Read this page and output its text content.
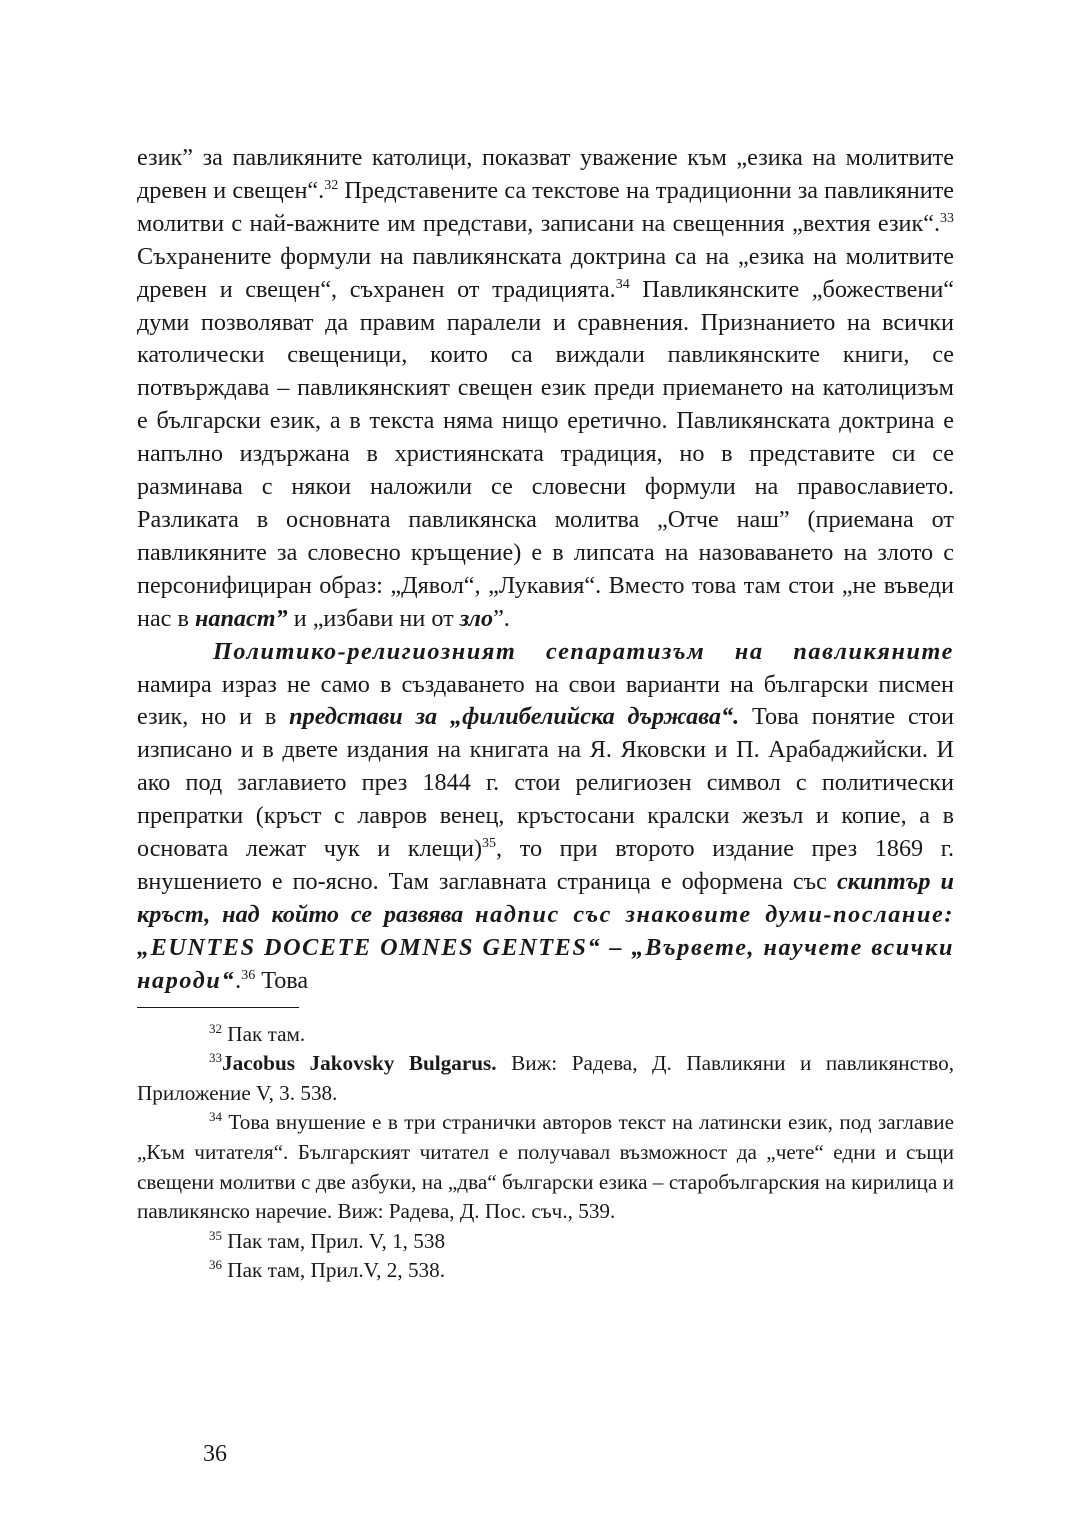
език” за павликяните католици, показват уважение към „езика на молитвите древен и свещен“.$^{32}$ Представените са текстове на традиционни за павликяните молитви с най-важните им представи, записани на свещенния „вехтия език“.$^{33}$ Съхранените формули на павликянската доктрина са на „езика на молитвите древен и свещен“, съхранен от традицията.$^{34}$ Павликянските „божествени“ думи позволяват да правим паралели и сравнения. Признанието на всички католически свещеници, които са виждали павликянските книги, се потвърждава – павликянският свещен език преди приемането на католицизъм е български език, а в текста няма нищо еретично. Павликянската доктрина е напълно издържана в християнската традиция, но в представите си се разминава с някои наложили се словесни формули на православието. Разликата в основната павликянска молитва „Отче наш” (приемана от павликяните за словесно кръщение) е в липсата на назоваването на злото с персонифициран образ: „Дявол“, „Лукавия“. Вместо това там стои „не въведи нас в напаст” и „избави ни от зло”.

Политико-религиозният сепаратизъм на павликяните намира израз не само в създаването на свои варианти на български писмен език, но и в представи за „филибелийска държава“. Това понятие стои изписано и в двете издания на книгата на Я. Яковски и П. Арабаджийски. И ако под заглавието през 1844 г. стои религиозен символ с политически препратки (кръст с лавров венец, кръстосани кралски жезъл и копие, а в основата лежат чук и клещи)$^{35}$, то при второто издание през 1869 г. внушението е по-ясно. Там заглавната страница е оформена със скиптър и кръст, над който се развява надпис със знаковите думи-послание: „EUNTES DOCETE OMNES GENTES“ – „Вървете, научете всички народи“.$^{36}$ Това

$^{32}$ Пак там.

$^{33}$Jacobus Jakovsky Bulgarus. Виж: Радева, Д. Павликяни и павликянство, Приложение V, 3. 538.

$^{34}$ Това внушение е в три странички авторов текст на латински език, под заглавие „Към читателя“. Българският читател е получавал възможност да „чете“ едни и същи свещени молитви с две азбуки, на „два“ български езика – старобългарския на кирилица и павликянско наречие. Виж: Радева, Д. Пос. съч., 539.

$^{35}$ Пак там, Прил. V, 1, 538

$^{36}$ Пак там, Прил.V, 2, 538.

36
